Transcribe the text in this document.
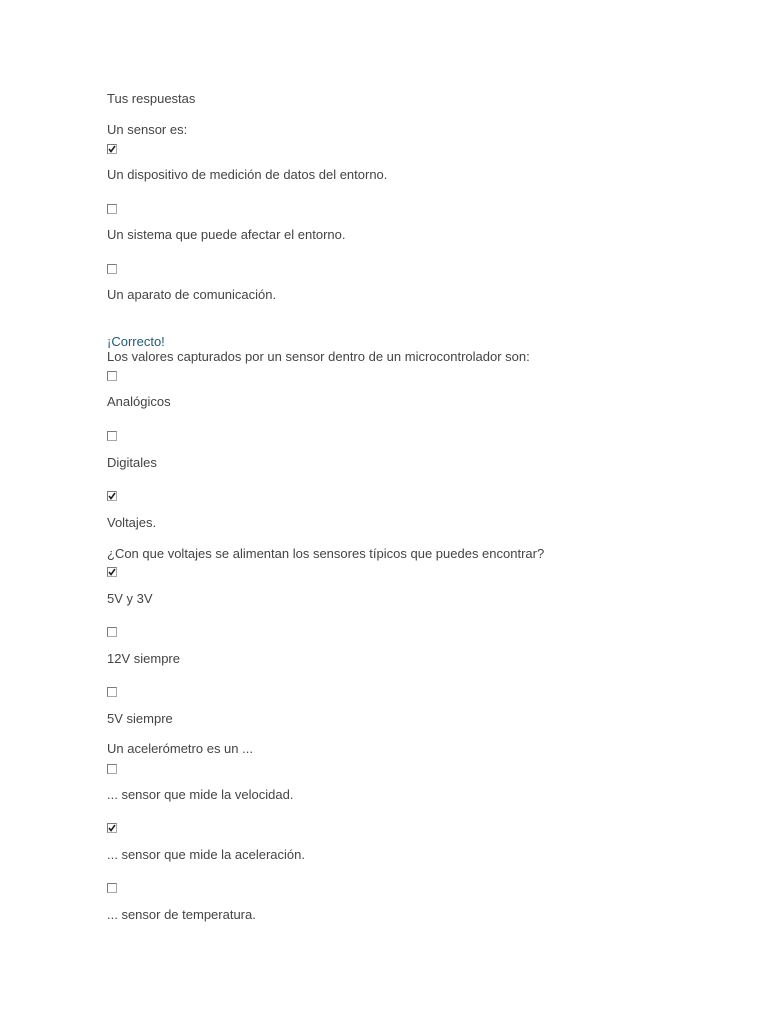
Tus respuestas
Un sensor es:
Un dispositivo de medición de datos del entorno.
Un sistema que puede afectar el entorno.
Un aparato de comunicación.
¡Correcto!
Los valores capturados por un sensor dentro de un microcontrolador son:
Analógicos
Digitales
Voltajes.
¿Con que voltajes se alimentan los sensores típicos que puedes encontrar?
5V y 3V
12V siempre
5V siempre
Un acelerómetro es un ...
... sensor que mide la velocidad.
... sensor que mide la aceleración.
... sensor de temperatura.
